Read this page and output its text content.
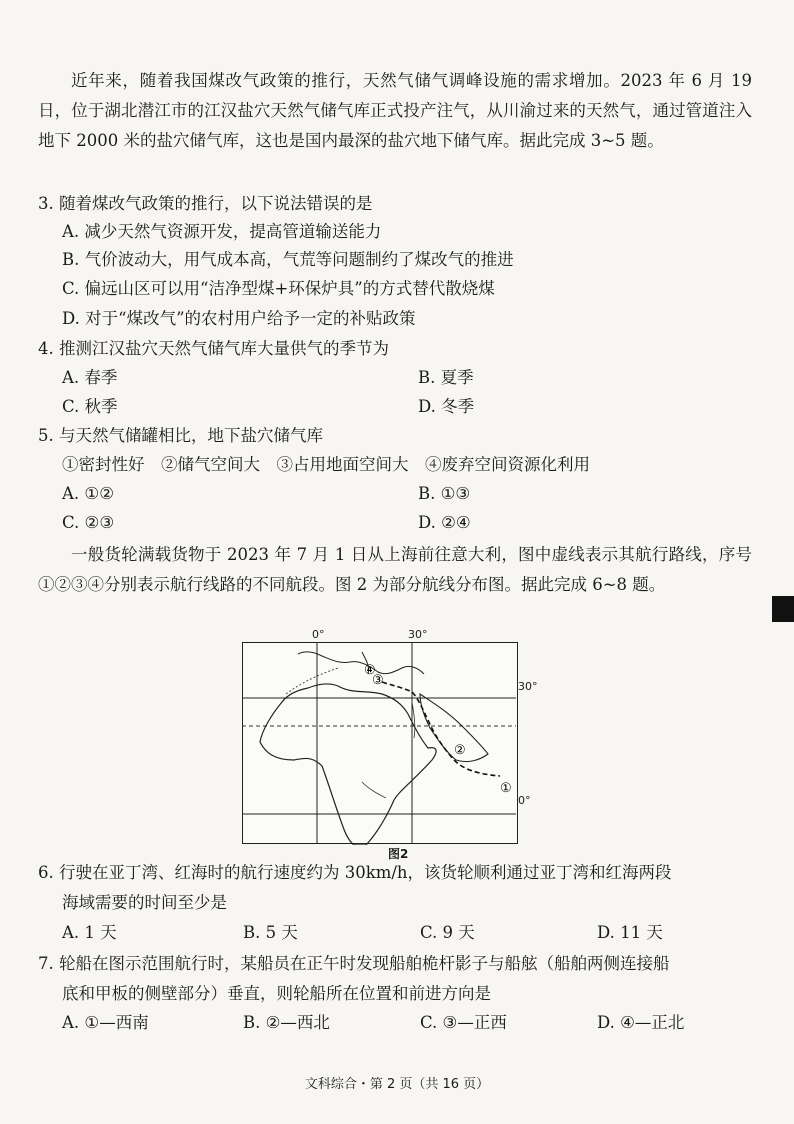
近年来，随着我国煤改气政策的推行，天然气储气调峰设施的需求增加。2023 年 6 月 19 日，位于湖北潜江市的江汉盐穴天然气储气库正式投产注气，从川渝过来的天然气，通过管道注入地下 2000 米的盐穴储气库，这也是国内最深的盐穴地下储气库。据此完成 3~5 题。

3. 随着煤改气政策的推行，以下说法错误的是
A. 减少天然气资源开发，提高管道输送能力
B. 气价波动大，用气成本高，气荒等问题制约了煤改气的推进
C. 偏远山区可以用“洁净型煤+环保炉具”的方式替代散烧煤
D. 对于“煤改气”的农村用户给予一定的补贴政策
4. 推测江汉盐穴天然气储气库大量供气的季节为
A. 春季	B. 夏季
C. 秋季	D. 冬季
5. 与天然气储罐相比，地下盐穴储气库
①密封性好　②储气空间大　③占用地面空间大　④废弃空间资源化利用
A. ①②	B. ①③
C. ②③	D. ②④

一般货轮满载货物于 2023 年 7 月 1 日从上海前往意大利，图中虚线表示其航行路线，序号①②③④分别表示航行线路的不同航段。图 2 为部分航线分布图。据此完成 6~8 题。

0°	30°
30°
0°
①
②
③
④
图2
6. 行驶在亚丁湾、红海时的航行速度约为 30km/h，该货轮顺利通过亚丁湾和红海两段
海域需要的时间至少是
A. 1 天	B. 5 天	C. 9 天	D. 11 天
7. 轮船在图示范围航行时，某船员在正午时发现船舶桅杆影子与船舷（船舶两侧连接船
底和甲板的侧壁部分）垂直，则轮船所在位置和前进方向是
A. ①—西南	B. ②—西北	C. ③—正西	D. ④—正北
文科综合・第 2 页（共 16 页）
